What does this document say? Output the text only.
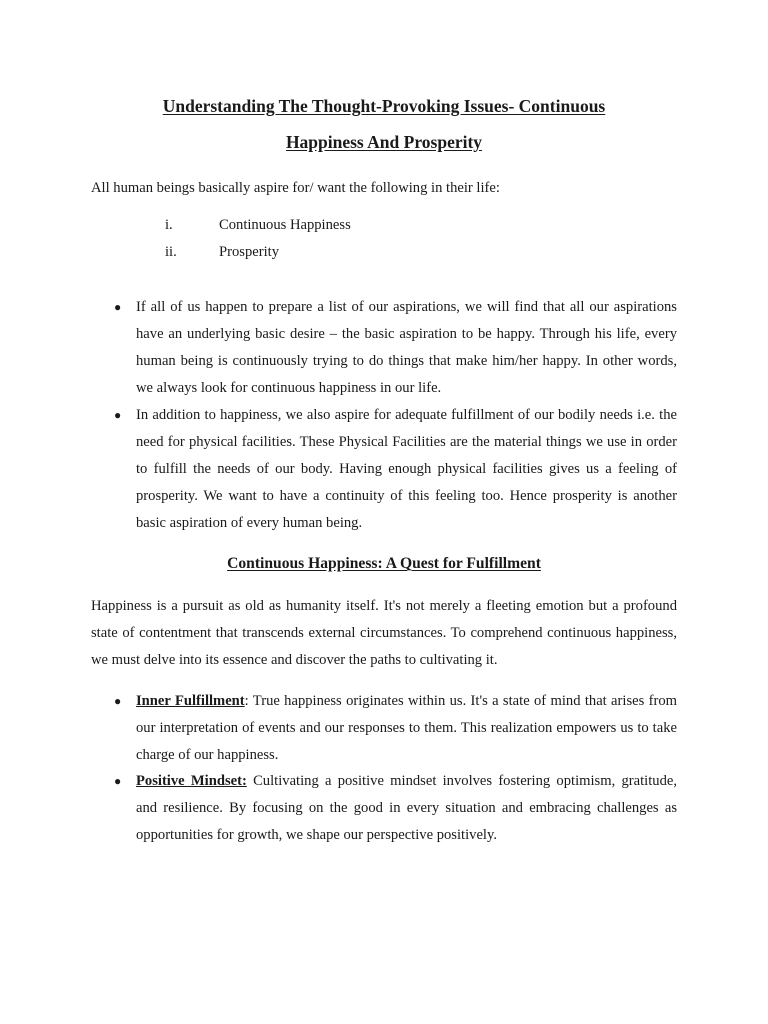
Understanding The Thought-Provoking Issues- Continuous
Happiness And Prosperity

All human beings basically aspire for/ want the following in their life:

i.	Continuous Happiness
ii.	Prosperity
● If all of us happen to prepare a list of our aspirations, we will find that all our aspirations have an underlying basic desire – the basic aspiration to be happy. Through his life, every human being is continuously trying to do things that make him/her happy. In other words, we always look for continuous happiness in our life.
● In addition to happiness, we also aspire for adequate fulfillment of our bodily needs i.e. the need for physical facilities. These Physical Facilities are the material things we use in order to fulfill the needs of our body. Having enough physical facilities gives us a feeling of prosperity. We want to have a continuity of this feeling too. Hence prosperity is another basic aspiration of every human being.
Continuous Happiness: A Quest for Fulfillment

Happiness is a pursuit as old as humanity itself. It's not merely a fleeting emotion but a profound state of contentment that transcends external circumstances. To comprehend continuous happiness, we must delve into its essence and discover the paths to cultivating it.

● Inner Fulfillment: True happiness originates within us. It's a state of mind that arises from our interpretation of events and our responses to them. This realization empowers us to take charge of our happiness.
● Positive Mindset: Cultivating a positive mindset involves fostering optimism, gratitude, and resilience. By focusing on the good in every situation and embracing challenges as opportunities for growth, we shape our perspective positively.
